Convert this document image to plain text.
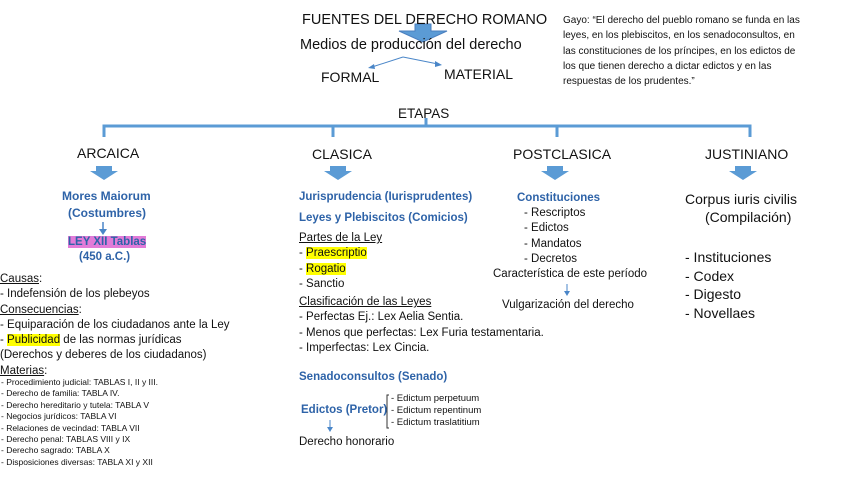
FUENTES DEL DERECHO ROMANO
Medios de producción del derecho
FORMAL	MATERIAL
Gayo: “El derecho del pueblo romano se funda en las
leyes, en los plebiscitos, en los senadoconsultos, en
las constituciones de los príncipes, en los edictos de
los que tienen derecho a dictar edictos y en las
respuestas de los prudentes.”
ETAPAS
ARCAICA	CLASICA	POSTCLASICA	JUSTINIANO
Mores Maiorum
(Costumbres)
LEY XII Tablas
(450 a.C.)
Causas:
- Indefensión de los plebeyos
Consecuencias:
- Equiparación de los ciudadanos ante la Ley
- Publicidad de las normas jurídicas
(Derechos y deberes de los ciudadanos)
Materias:
- Procedimiento judicial: TABLAS I, II y III.
- Derecho de familia: TABLA IV.
- Derecho hereditario y tutela: TABLA V
- Negocios jurídicos: TABLA VI
- Relaciones de vecindad: TABLA VII
- Derecho penal: TABLAS VIII y IX
- Derecho sagrado: TABLA X
- Disposiciones diversas: TABLA XI y XII
Jurisprudencia (Iurisprudentes)
Leyes y Plebiscitos (Comicios)
Partes de la Ley
- Praescriptio
- Rogatio
- Sanctio
Clasificación de las Leyes
- Perfectas Ej.: Lex Aelia Sentia.
- Menos que perfectas: Lex Furia testamentaria.
- Imperfectas: Lex Cincia.
Senadoconsultos (Senado)
Edictos (Pretor)
- Edictum perpetuum
- Edictum repentinum
- Edictum traslatitium
Derecho honorario
Constituciones
- Rescriptos
- Edictos
- Mandatos
- Decretos
Característica de este período
Vulgarización del derecho
Corpus iuris civilis
(Compilación)
- Instituciones
- Codex
- Digesto
- Novellaes
